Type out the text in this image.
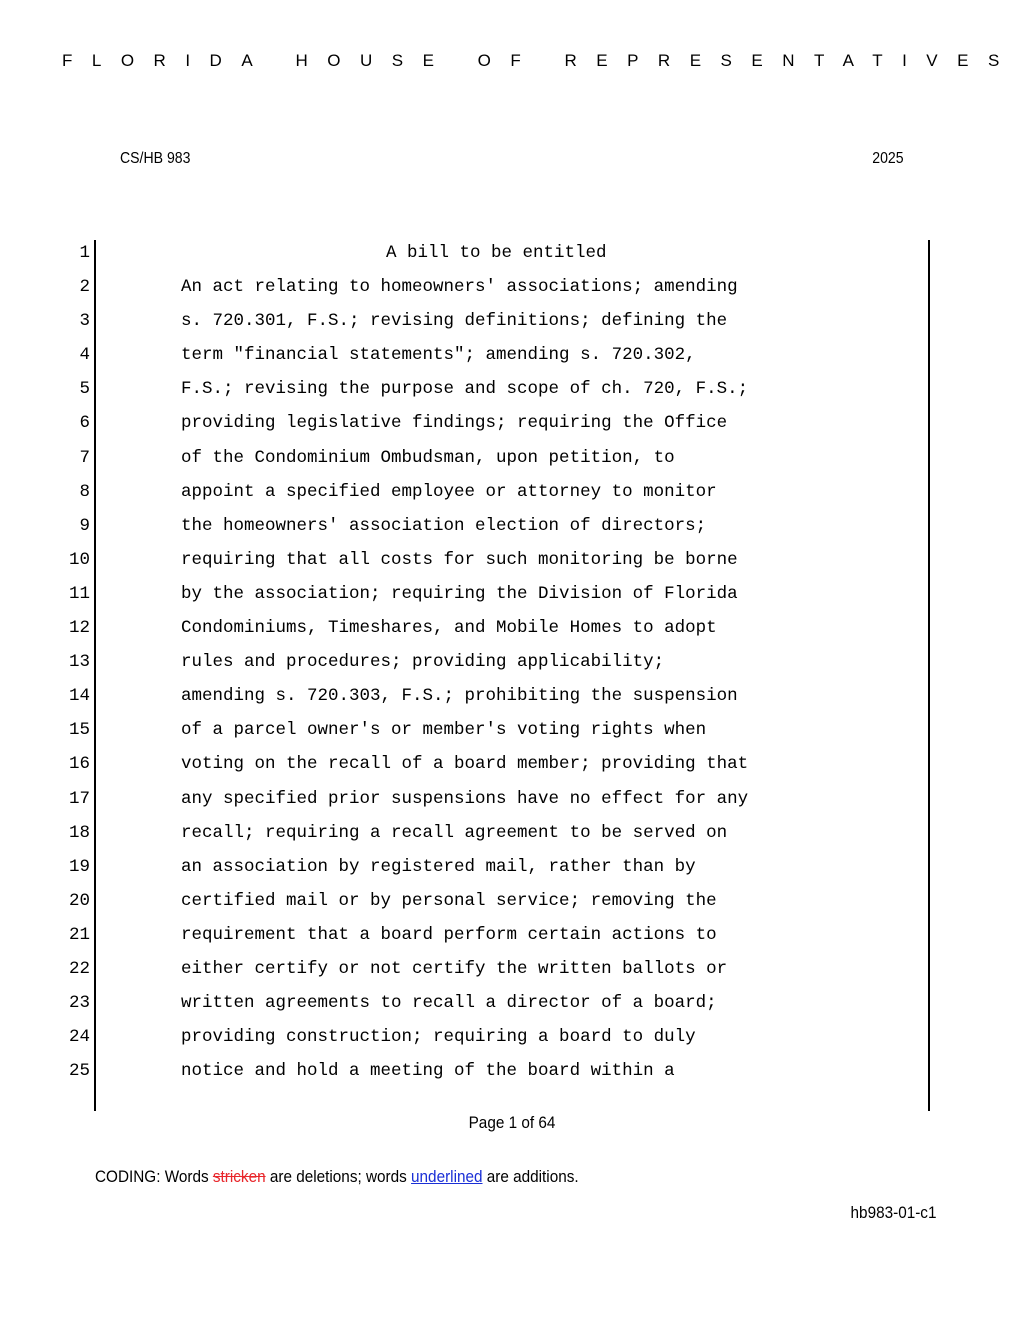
FLORIDA HOUSE OF REPRESENTATIVES
CS/HB 983	2025
1	A bill to be entitled
2	An act relating to homeowners' associations; amending
3	s. 720.301, F.S.; revising definitions; defining the
4	term "financial statements"; amending s. 720.302,
5	F.S.; revising the purpose and scope of ch. 720, F.S.;
6	providing legislative findings; requiring the Office
7	of the Condominium Ombudsman, upon petition, to
8	appoint a specified employee or attorney to monitor
9	the homeowners' association election of directors;
10	requiring that all costs for such monitoring be borne
11	by the association; requiring the Division of Florida
12	Condominiums, Timeshares, and Mobile Homes to adopt
13	rules and procedures; providing applicability;
14	amending s. 720.303, F.S.; prohibiting the suspension
15	of a parcel owner's or member's voting rights when
16	voting on the recall of a board member; providing that
17	any specified prior suspensions have no effect for any
18	recall; requiring a recall agreement to be served on
19	an association by registered mail, rather than by
20	certified mail or by personal service; removing the
21	requirement that a board perform certain actions to
22	either certify or not certify the written ballots or
23	written agreements to recall a director of a board;
24	providing construction; requiring a board to duly
25	notice and hold a meeting of the board within a
Page 1 of 64
CODING: Words stricken are deletions; words underlined are additions.
hb983-01-c1
